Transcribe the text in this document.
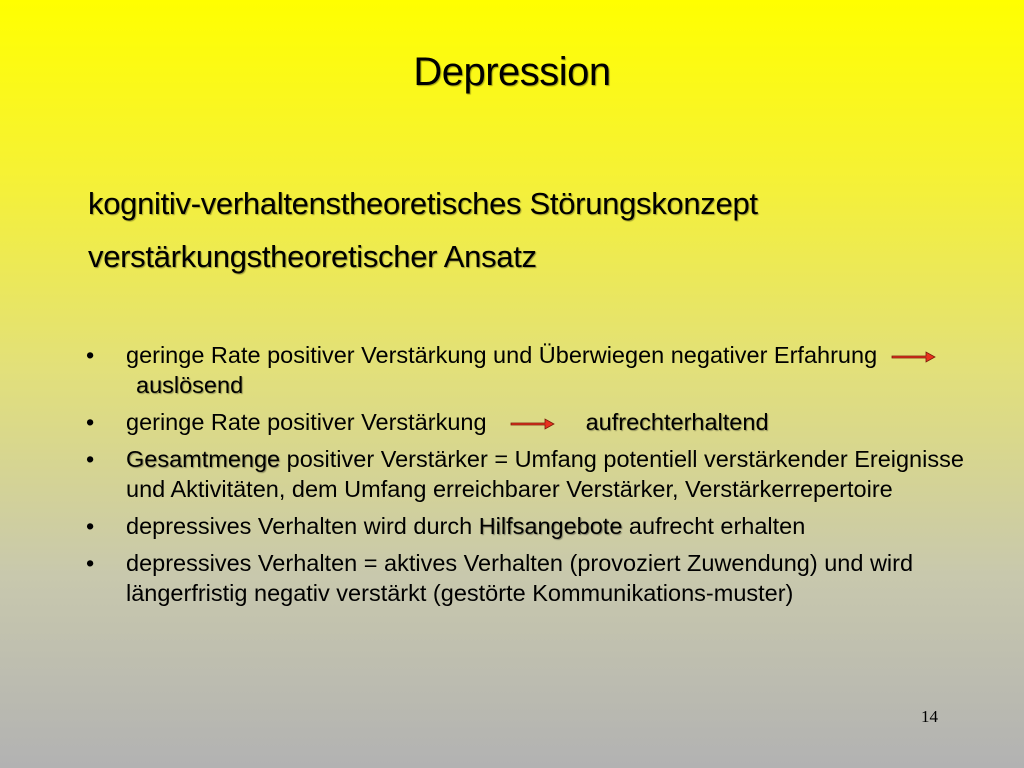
Depression
kognitiv-verhaltenstheoretisches Störungskonzept
verstärkungstheoretischer Ansatz
• geringe Rate positiver Verstärkung und Überwiegen negativer Erfahrung  auslösend
• geringe Rate positiver Verstärkung	aufrechterhaltend
• Gesamtmenge positiver Verstärker = Umfang potentiell verstärkender Ereignisse und Aktivitäten, dem Umfang erreichbarer Verstärker, Verstärkerrepertoire
• depressives Verhalten wird durch Hilfsangebote aufrecht erhalten
• depressives Verhalten = aktives Verhalten (provoziert Zuwendung) und wird längerfristig negativ verstärkt (gestörte Kommunikations-muster)
14
